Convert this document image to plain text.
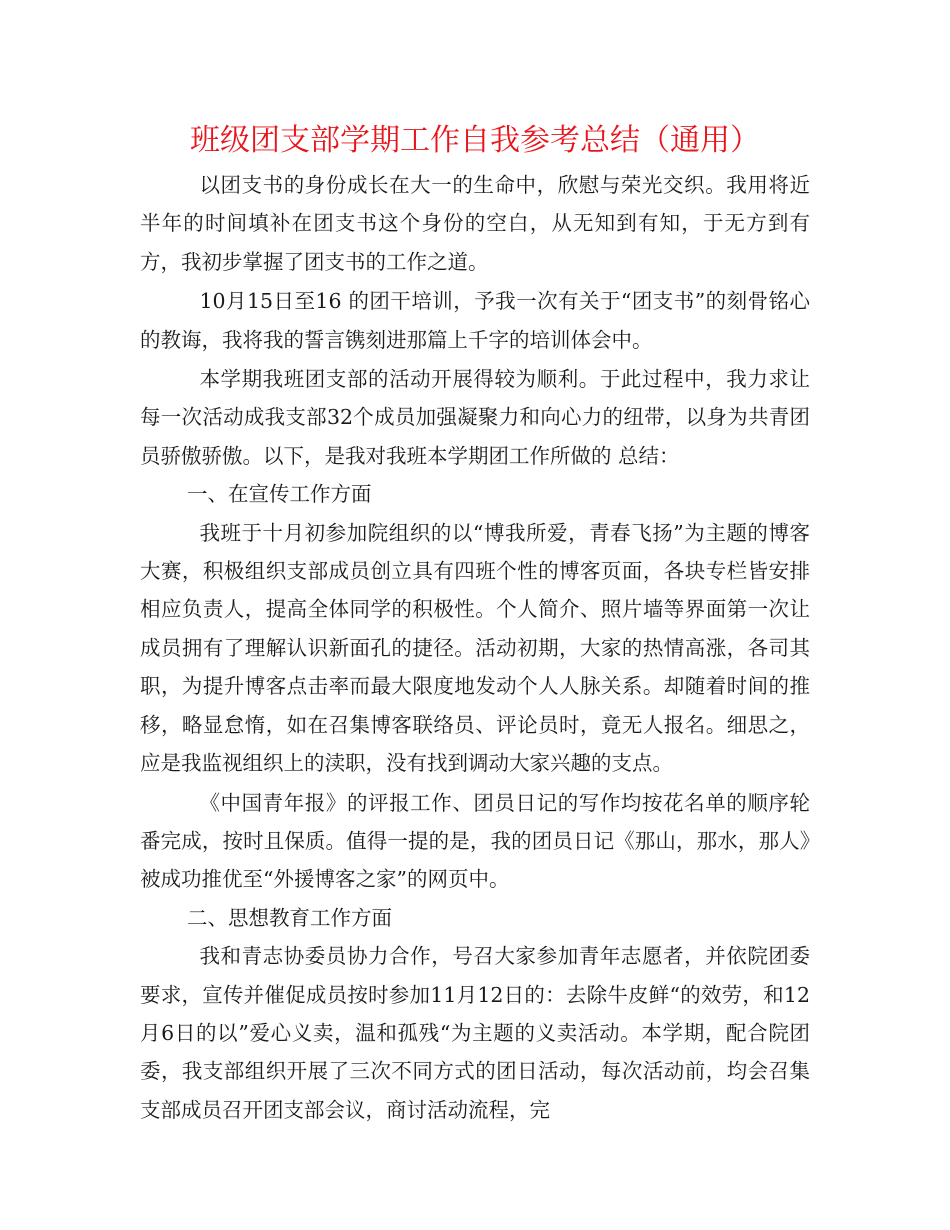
班级团支部学期工作自我参考总结（通用）

以团支书的身份成长在大一的生命中，欣慰与荣光交织。我用将近半年的时间填补在团支书这个身份的空白，从无知到有知，于无方到有方，我初步掌握了团支书的工作之道。

10月15日至16 的团干培训，予我一次有关于“团支书”的刻骨铭心的教诲，我将我的誓言镌刻进那篇上千字的培训体会中。

本学期我班团支部的活动开展得较为顺利。于此过程中，我力求让每一次活动成我支部32个成员加强凝聚力和向心力的纽带，以身为共青团员骄傲骄傲。以下，是我对我班本学期团工作所做的 总结：

一、在宣传工作方面

我班于十月初参加院组织的以“博我所爱，青春飞扬”为主题的博客大赛，积极组织支部成员创立具有四班个性的博客页面，各块专栏皆安排相应负责人，提高全体同学的积极性。个人简介、照片墙等界面第一次让成员拥有了理解认识新面孔的捷径。活动初期，大家的热情高涨，各司其职，为提升博客点击率而最大限度地发动个人人脉关系。却随着时间的推移，略显怠惰，如在召集博客联络员、评论员时，竟无人报名。细思之，应是我监视组织上的渎职，没有找到调动大家兴趣的支点。

《中国青年报》的评报工作、团员日记的写作均按花名单的顺序轮番完成，按时且保质。值得一提的是，我的团员日记《那山，那水，那人》被成功推优至“外援博客之家”的网页中。

二、思想教育工作方面

我和青志协委员协力合作，号召大家参加青年志愿者，并依院团委要求，宣传并催促成员按时参加11月12日的：去除牛皮鲜“的效劳，和12月6日的以”爱心义卖，温和孤残“为主题的义卖活动。本学期，配合院团委，我支部组织开展了三次不同方式的团日活动，每次活动前，均会召集支部成员召开团支部会议，商讨活动流程，完
